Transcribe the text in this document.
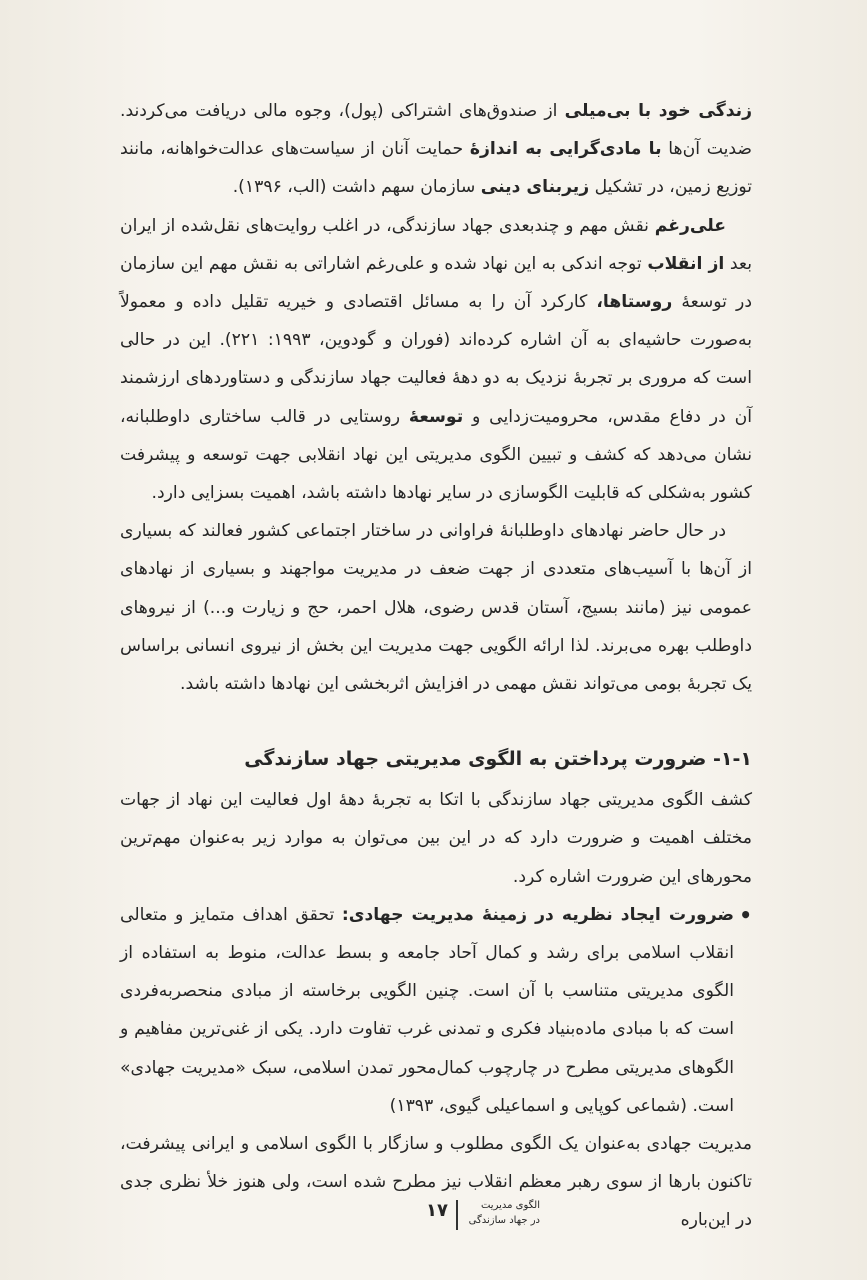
زندگی خود با بی‌میلی از صندوق‌های اشتراکی (پول)، وجوه مالی دریافت می‌کردند. ضدیت آن‌ها با مادی‌گرایی به اندازهٔ حمایت آنان از سیاست‌های عدالت‌خواهانه، مانند توزیع زمین، در تشکیل زیربنای دینی سازمان سهم داشت (الب، ۱۳۹۶).

علی‌رغم نقش مهم و چندبعدی جهاد سازندگی، در اغلب روایت‌های نقل‌شده از ایران بعد از انقلاب توجه اندکی به این نهاد شده و علی‌رغم اشاراتی به نقش مهم این سازمان در توسعهٔ روستاها، کارکرد آن را به مسائل اقتصادی و خیریه تقلیل داده و معمولاً به‌صورت حاشیه‌ای به آن اشاره کرده‌اند (فوران و گودوین، ۱۹۹۳: ۲۲۱). این در حالی است که مروری بر تجربهٔ نزدیک به دو دههٔ فعالیت جهاد سازندگی و دستاوردهای ارزشمند آن در دفاع مقدس، محرومیت‌زدایی و توسعهٔ روستایی در قالب ساختاری داوطلبانه، نشان می‌دهد که کشف و تبیین الگوی مدیریتی این نهاد انقلابی جهت توسعه و پیشرفت کشور به‌شکلی که قابلیت الگوسازی در سایر نهادها داشته باشد، اهمیت بسزایی دارد.

در حال حاضر نهادهای داوطلبانهٔ فراوانی در ساختار اجتماعی کشور فعالند که بسیاری از آن‌ها با آسیب‌های متعددی از جهت ضعف در مدیریت مواجهند و بسیاری از نهادهای عمومی نیز (مانند بسیج، آستان قدس رضوی، هلال احمر، حج و زیارت و...) از نیروهای داوطلب بهره می‌برند. لذا ارائه الگویی جهت مدیریت این بخش از نیروی انسانی براساس یک تجربهٔ بومی می‌تواند نقش مهمی در افزایش اثربخشی این نهادها داشته باشد.

۱-۱- ضرورت پرداختن به الگوی مدیریتی جهاد سازندگی

کشف الگوی مدیریتی جهاد سازندگی با اتکا به تجربهٔ دههٔ اول فعالیت این نهاد از جهات مختلف اهمیت و ضرورت دارد که در این بین می‌توان به موارد زیر به‌عنوان مهم‌ترین محورهای این ضرورت اشاره کرد.

• ضرورت ایجاد نظریه در زمینهٔ مدیریت جهادی: تحقق اهداف متمایز و متعالی انقلاب اسلامی برای رشد و کمال آحاد جامعه و بسط عدالت، منوط به استفاده از الگوی مدیریتی متناسب با آن است. چنین الگویی برخاسته از مبادی منحصربه‌فردی است که با مبادی ماده‌بنیاد فکری و تمدنی غرب تفاوت دارد. یکی از غنی‌ترین مفاهیم و الگوهای مدیریتی مطرح در چارچوب کمال‌محور تمدن اسلامی، سبک «مدیریت جهادی» است. (شماعی کوپایی و اسماعیلی گیوی، ۱۳۹۳)

مدیریت جهادی به‌عنوان یک الگوی مطلوب و سازگار با الگوی اسلامی و ایرانی پیشرفت، تاکنون بارها از سوی رهبر معظم انقلاب نیز مطرح شده است، ولی هنوز خلأ نظری جدی در این‌باره

۱۷	الگوی مدیریت
در جهاد سازندگی
